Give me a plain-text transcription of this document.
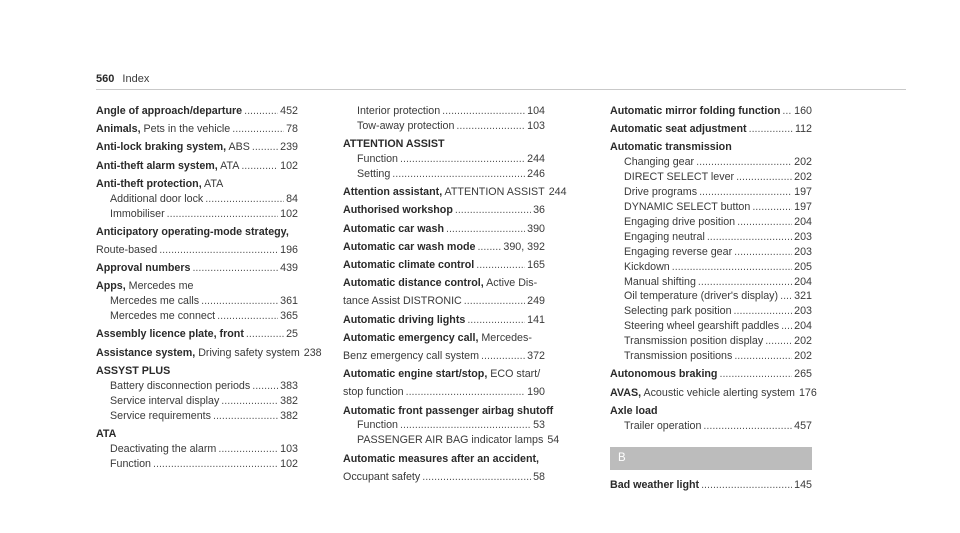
560 Index
Angle of approach/departure .....	452
Animals, Pets in the vehicle .....	78
Anti-lock braking system, ABS .....	239
Anti-theft alarm system, ATA .....	102
Anti-theft protection, ATA
Additional door lock .....	84
Immobiliser .....	102
Anticipatory operating-mode strategy,
Route-based .....	196
Approval numbers .....	439
Apps, Mercedes me
Mercedes me calls .....	361
Mercedes me connect .....	365
Assembly licence plate, front .....	25
Assistance system, Driving safety system 238
ASSYST PLUS
Battery disconnection periods .....	383
Service interval display .....	382
Service requirements .....	382
ATA
Deactivating the alarm .....	103
Function .....	102
Interior protection .....	104
Tow-away protection .....	103
ATTENTION ASSIST
Function .....	244
Setting .....	246
Attention assistant, ATTENTION ASSIST 244
Authorised workshop .....	36
Automatic car wash .....	390
Automatic car wash mode .....	390, 392
Automatic climate control .....	165
Automatic distance control, Active Dis-
tance Assist DISTRONIC .....	249
Automatic driving lights .....	141
Automatic emergency call, Mercedes-
Benz emergency call system .....	372
Automatic engine start/stop, ECO start/
stop function .....	190
Automatic front passenger airbag shutoff
Function .....	53
PASSENGER AIR BAG indicator lamps 54
Automatic measures after an accident,
Occupant safety .....	58
Automatic mirror folding function ..... 160
Automatic seat adjustment .....	112
Automatic transmission
Changing gear .....	202
DIRECT SELECT lever .....	202
Drive programs .....	197
DYNAMIC SELECT button .....	197
Engaging drive position .....	204
Engaging neutral .....	203
Engaging reverse gear .....	203
Kickdown .....	205
Manual shifting .....	204
Oil temperature (driver's display) ..... 321
Selecting park position .....	203
Steering wheel gearshift paddles ..... 204
Transmission position display .....	202
Transmission positions .....	202
Autonomous braking .....	265
AVAS, Acoustic vehicle alerting system 176
Axle load
Trailer operation .....	457
B
Bad weather light .....	145
